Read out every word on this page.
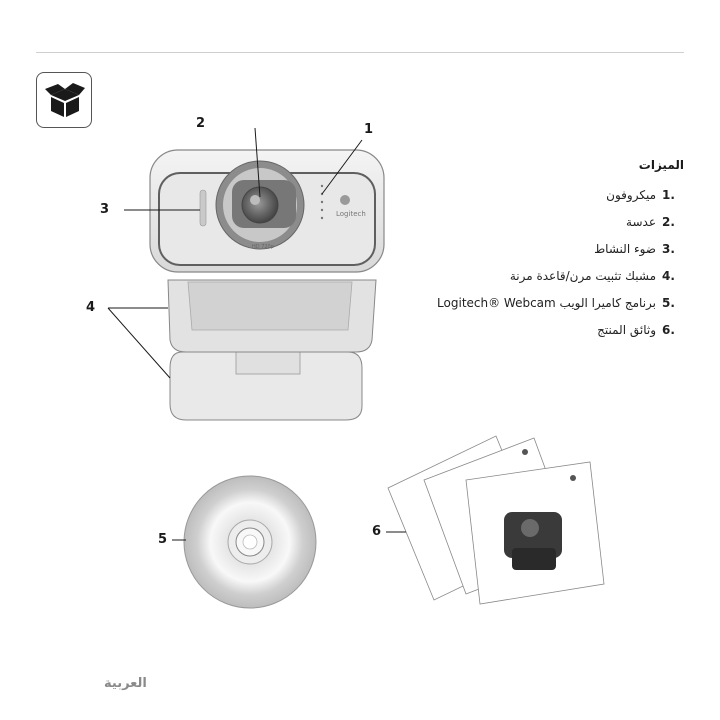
1
2
3
4
5
6
Logitech
HD 720p
الميزات
1.ميكروفون
2.عدسة
3.ضوء النشاط
4.مشبك تثبيت مرن/قاعدة مرنة
5.برنامج كاميرا الويب Logitech® Webcam
6.وثائق المنتج
العربية
